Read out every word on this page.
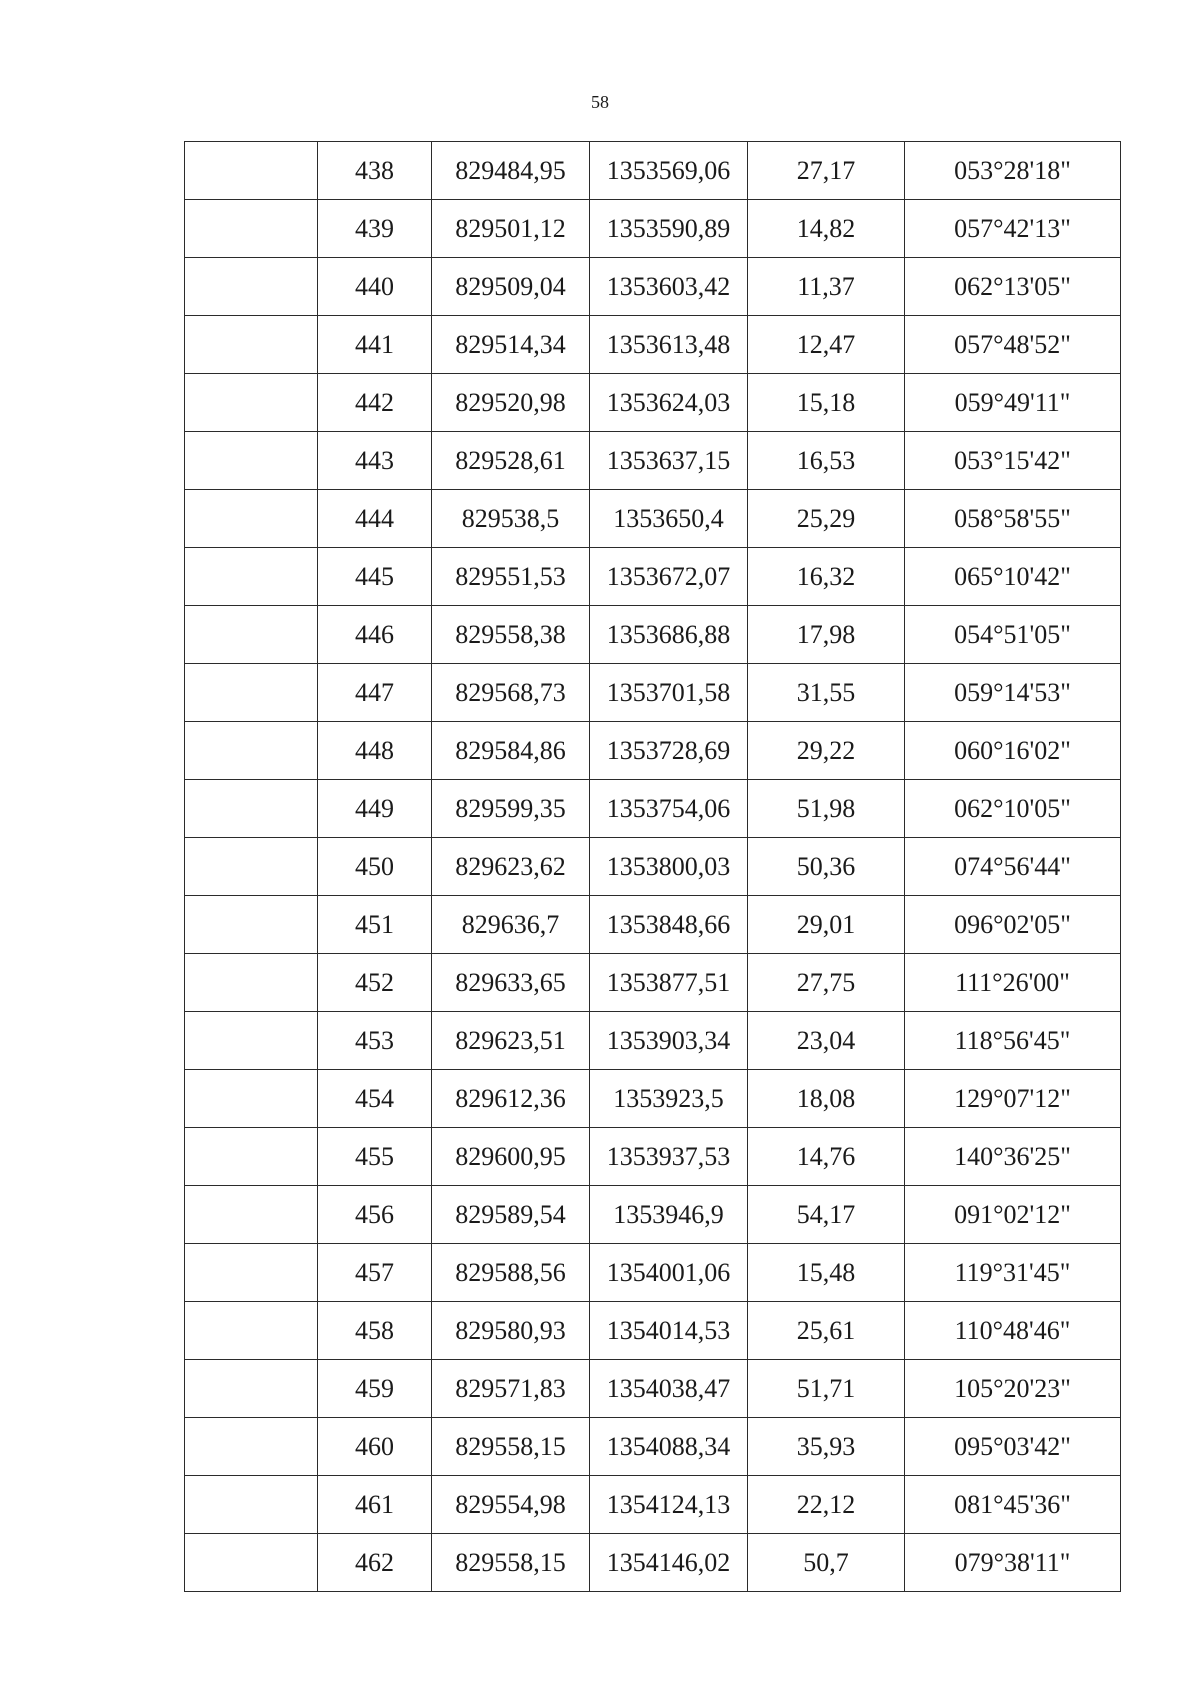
58
	438	829484,95	1353569,06	27,17	053°28'18"
	439	829501,12	1353590,89	14,82	057°42'13"
	440	829509,04	1353603,42	11,37	062°13'05"
	441	829514,34	1353613,48	12,47	057°48'52"
	442	829520,98	1353624,03	15,18	059°49'11"
	443	829528,61	1353637,15	16,53	053°15'42"
	444	829538,5	1353650,4	25,29	058°58'55"
	445	829551,53	1353672,07	16,32	065°10'42"
	446	829558,38	1353686,88	17,98	054°51'05"
	447	829568,73	1353701,58	31,55	059°14'53"
	448	829584,86	1353728,69	29,22	060°16'02"
	449	829599,35	1353754,06	51,98	062°10'05"
	450	829623,62	1353800,03	50,36	074°56'44"
	451	829636,7	1353848,66	29,01	096°02'05"
	452	829633,65	1353877,51	27,75	111°26'00"
	453	829623,51	1353903,34	23,04	118°56'45"
	454	829612,36	1353923,5	18,08	129°07'12"
	455	829600,95	1353937,53	14,76	140°36'25"
	456	829589,54	1353946,9	54,17	091°02'12"
	457	829588,56	1354001,06	15,48	119°31'45"
	458	829580,93	1354014,53	25,61	110°48'46"
	459	829571,83	1354038,47	51,71	105°20'23"
	460	829558,15	1354088,34	35,93	095°03'42"
	461	829554,98	1354124,13	22,12	081°45'36"
	462	829558,15	1354146,02	50,7	079°38'11"
